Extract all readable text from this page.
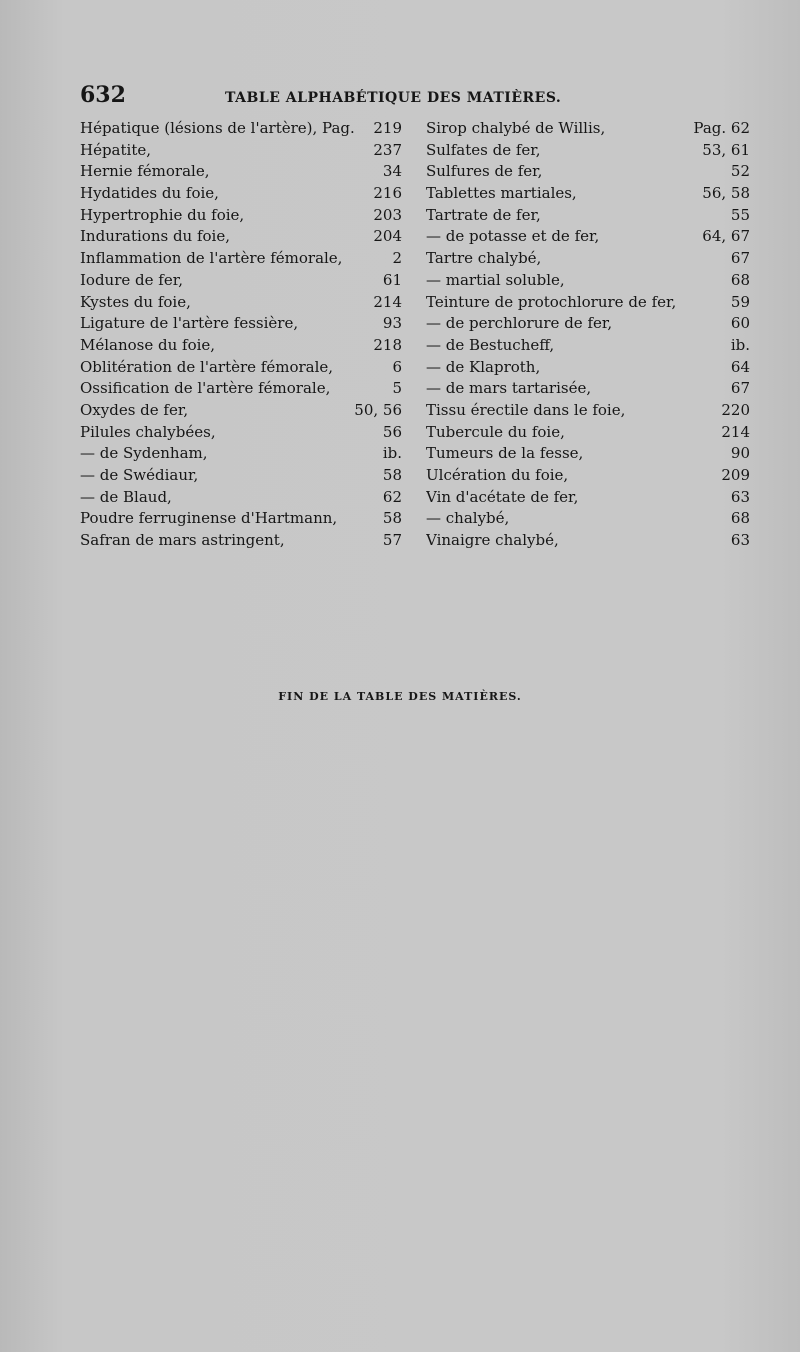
632	TABLE ALPHABÉTIQUE DES MATIÈRES.
Hépatique (lésions de l'artère), Pag. 219
Hépatite,	237
Hernie fémorale,	34
Hydatides du foie,	216
Hypertrophie du foie,	203
Indurations du foie,	204
Inflammation de l'artère fémorale,	2
Iodure de fer,	61
Kystes du foie,	214
Ligature de l'artère fessière,	93
Mélanose du foie,	218
Oblitération de l'artère fémorale,	6
Ossification de l'artère fémorale,	5
Oxydes de fer,	50, 56
Pilules chalybées,	56
— de Sydenham,	ib.
— de Swédiaur,	58
— de Blaud,	62
Poudre ferruginense d'Hartmann,	58
Safran de mars astringent,	57
Sirop chalybé de Willis,	Pag. 62
Sulfates de fer,	53, 61
Sulfures de fer,	52
Tablettes martiales,	56, 58
Tartrate de fer,	55
— de potasse et de fer,	64, 67
Tartre chalybé,	67
— martial soluble,	68
Teinture de protochlorure de fer,	59
— de perchlorure de fer,	60
— de Bestucheff,	ib.
— de Klaproth,	64
— de mars tartarisée,	67
Tissu érectile dans le foie,	220
Tubercule du foie,	214
Tumeurs de la fesse,	90
Ulcération du foie,	209
Vin d'acétate de fer,	63
— chalybé,	68
Vinaigre chalybé,	63
FIN DE LA TABLE DES MATIÈRES.
